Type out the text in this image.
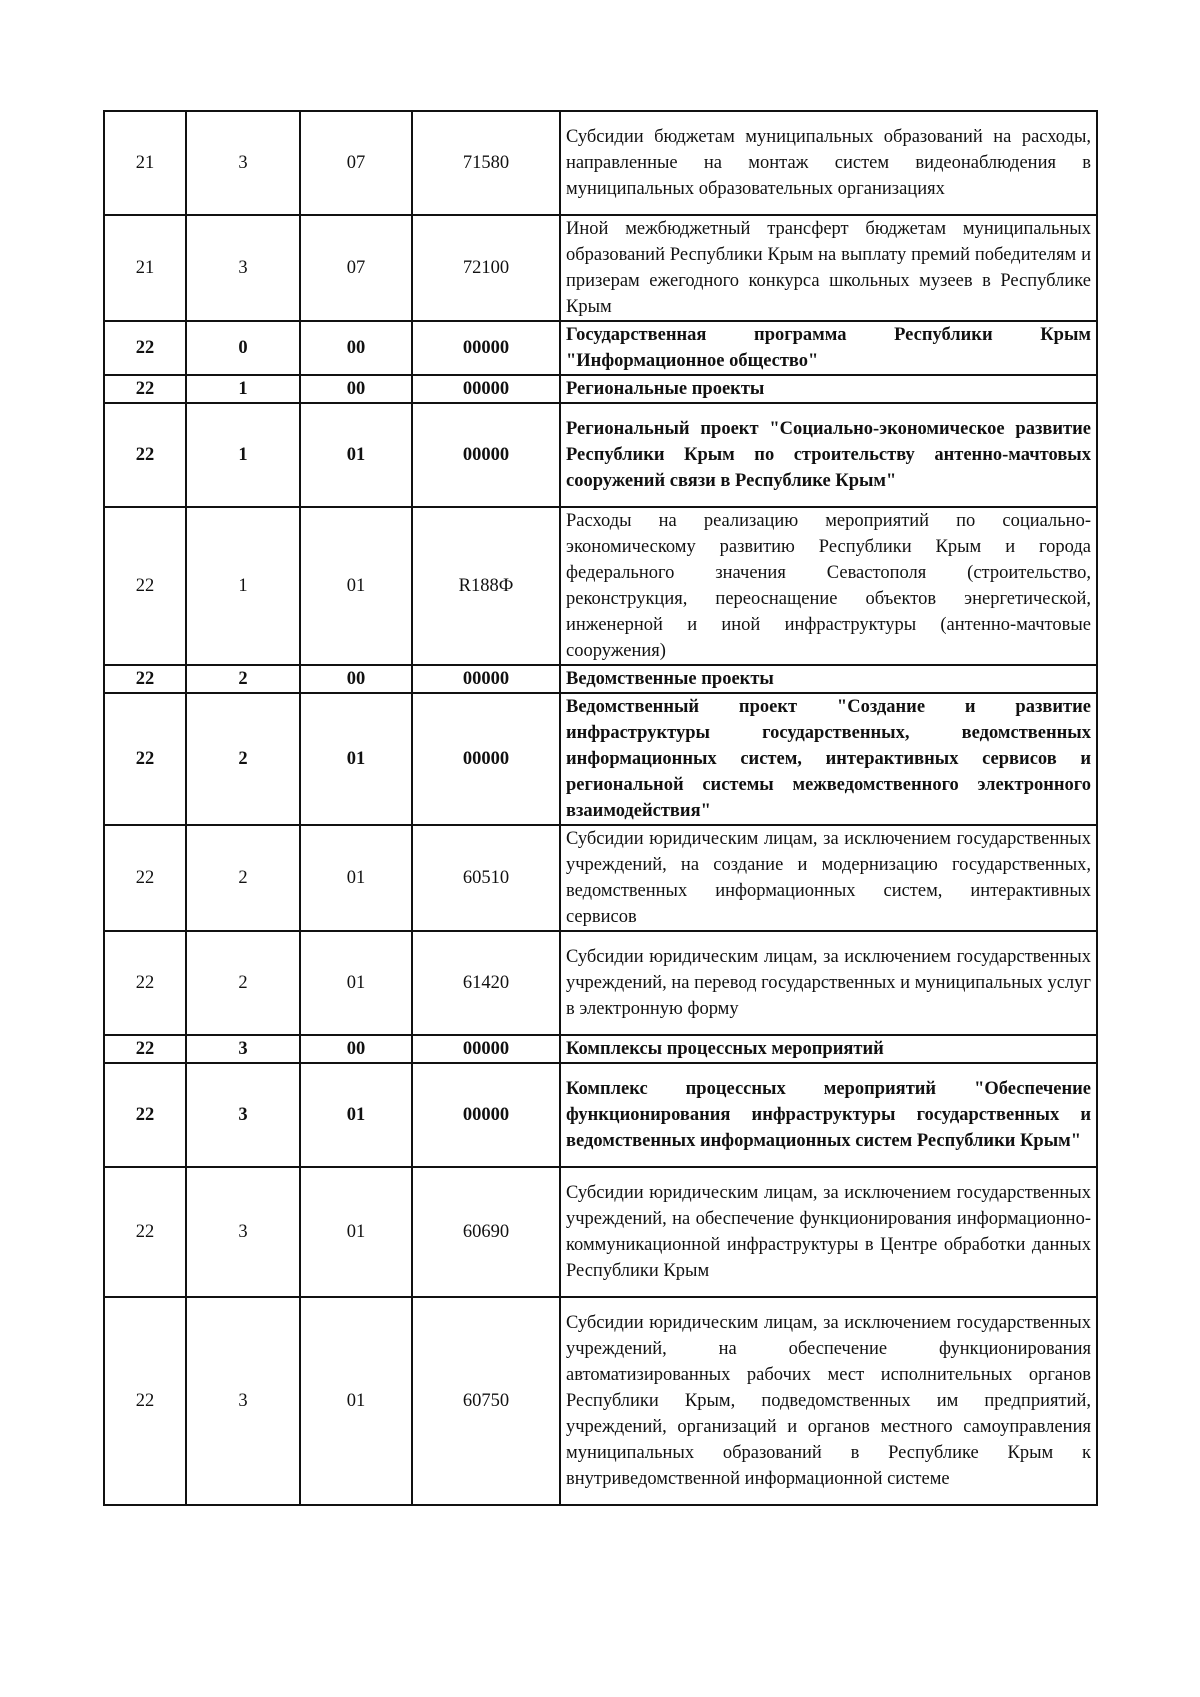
21	3	07	71580	Субсидии бюджетам муниципальных образований на расходы, направленные на монтаж систем видеонаблюдения в муниципальных образовательных организациях
21	3	07	72100	Иной межбюджетный трансферт бюджетам муниципальных образований Республики Крым на выплату премий победителям и призерам ежегодного конкурса школьных музеев в Республике Крым
22	0	00	00000	Государственная программа Республики Крым "Информационное общество"
22	1	00	00000	Региональные проекты
22	1	01	00000	Региональный проект "Социально-экономическое развитие Республики Крым по строительству антенно-мачтовых сооружений связи в Республике Крым"
22	1	01	R188Ф	Расходы на реализацию мероприятий по социально-экономическому развитию Республики Крым и города федерального значения Севастополя (строительство, реконструкция, переоснащение объектов энергетической, инженерной и иной инфраструктуры (антенно-мачтовые сооружения)
22	2	00	00000	Ведомственные проекты
22	2	01	00000	Ведомственный проект "Создание и развитие инфраструктуры государственных, ведомственных информационных систем, интерактивных сервисов и региональной системы межведомственного электронного взаимодействия"
22	2	01	60510	Субсидии юридическим лицам, за исключением государственных учреждений, на создание и модернизацию государственных, ведомственных информационных систем, интерактивных сервисов
22	2	01	61420	Субсидии юридическим лицам, за исключением государственных учреждений, на перевод государственных и муниципальных услуг в электронную форму
22	3	00	00000	Комплексы процессных мероприятий
22	3	01	00000	Комплекс процессных мероприятий "Обеспечение функционирования инфраструктуры государственных и ведомственных информационных систем Республики Крым"
22	3	01	60690	Субсидии юридическим лицам, за исключением государственных учреждений, на обеспечение функционирования информационно-коммуникационной инфраструктуры в Центре обработки данных Республики Крым
22	3	01	60750	Субсидии юридическим лицам, за исключением государственных учреждений, на обеспечение функционирования автоматизированных рабочих мест исполнительных органов Республики Крым, подведомственных им предприятий, учреждений, организаций и органов местного самоуправления муниципальных образований в Республике Крым к внутриведомственной информационной системе
